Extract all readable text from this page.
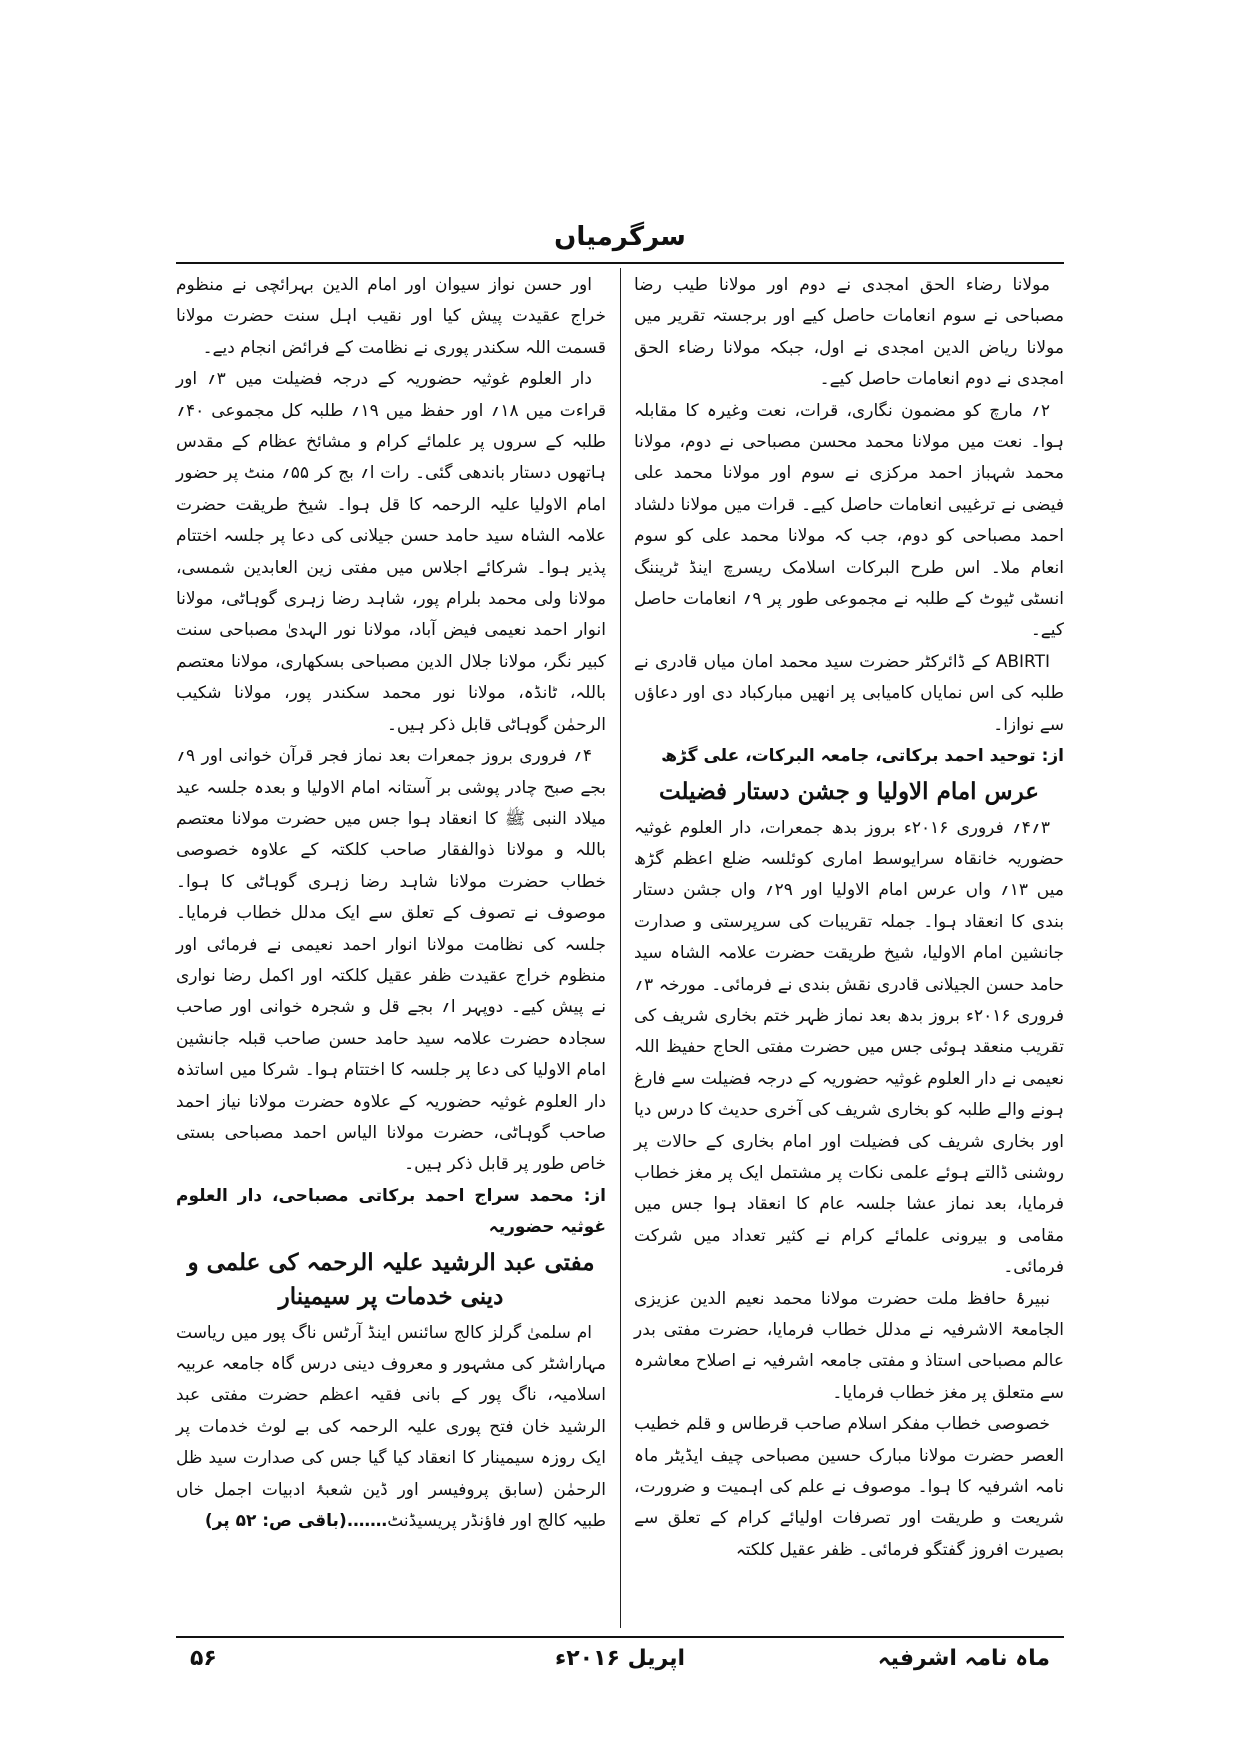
سرگرمیاں

مولانا رضاء الحق امجدی نے دوم اور مولانا طیب رضا مصباحی نے سوم انعامات حاصل کیے اور برجستہ تقریر میں مولانا ریاض الدین امجدی نے اول، جبکہ مولانا رضاء الحق امجدی نے دوم انعامات حاصل کیے۔

۲؍ مارچ کو مضمون نگاری، قرات، نعت وغیرہ کا مقابلہ ہوا۔ نعت میں مولانا محمد محسن مصباحی نے دوم، مولانا محمد شہباز احمد مرکزی نے سوم اور مولانا محمد علی فیضی نے ترغیبی انعامات حاصل کیے۔ قرات میں مولانا دلشاد احمد مصباحی کو دوم، جب کہ مولانا محمد علی کو سوم انعام ملا۔ اس طرح البرکات اسلامک ریسرچ اینڈ ٹریننگ انسٹی ٹیوٹ کے طلبہ نے مجموعی طور پر ۹؍ انعامات حاصل کیے۔

ABIRTI کے ڈائرکٹر حضرت سید محمد امان میاں قادری نے طلبہ کی اس نمایاں کامیابی پر انھیں مبارکباد دی اور دعاؤں سے نوازا۔

از: توحید احمد برکاتی، جامعہ البرکات، علی گڑھ

عرس امام الاولیا و جشن دستار فضیلت

۳؍۴؍ فروری ۲۰۱۶ء بروز بدھ جمعرات، دار العلوم غوثیہ حضوریہ خانقاہ سرایوسط اماری کوئلسہ ضلع اعظم گڑھ میں ۱۳؍ واں عرس امام الاولیا اور ۲۹؍ واں جشن دستار بندی کا انعقاد ہوا۔ جملہ تقریبات کی سرپرستی و صدارت جانشین امام الاولیا، شیخ طریقت حضرت علامہ الشاہ سید حامد حسن الجیلانی قادری نقش بندی نے فرمائی۔ مورخہ ۳؍ فروری ۲۰۱۶ء بروز بدھ بعد نماز ظہر ختم بخاری شریف کی تقریب منعقد ہوئی جس میں حضرت مفتی الحاج حفیظ اللہ نعیمی نے دار العلوم غوثیہ حضوریہ کے درجہ فضیلت سے فارغ ہونے والے طلبہ کو بخاری شریف کی آخری حدیث کا درس دیا اور بخاری شریف کی فضیلت اور امام بخاری کے حالات پر روشنی ڈالتے ہوئے علمی نکات پر مشتمل ایک پر مغز خطاب فرمایا، بعد نماز عشا جلسہ عام کا انعقاد ہوا جس میں مقامی و بیرونی علمائے کرام نے کثیر تعداد میں شرکت فرمائی۔

نبیرۂ حافظ ملت حضرت مولانا محمد نعیم الدین عزیزی الجامعۃ الاشرفیہ نے مدلل خطاب فرمایا، حضرت مفتی بدر عالم مصباحی استاذ و مفتی جامعہ اشرفیہ نے اصلاح معاشرہ سے متعلق پر مغز خطاب فرمایا۔

خصوصی خطاب مفکر اسلام صاحب قرطاس و قلم خطیب العصر حضرت مولانا مبارک حسین مصباحی چیف ایڈیٹر ماہ نامہ اشرفیہ کا ہوا۔ موصوف نے علم کی اہمیت و ضرورت، شریعت و طریقت اور تصرفات اولیائے کرام کے تعلق سے بصیرت افروز گفتگو فرمائی۔ ظفر عقیل کلکتہ

اور حسن نواز سیوان اور امام الدین بہرائچی نے منظوم خراج عقیدت پیش کیا اور نقیب اہل سنت حضرت مولانا قسمت اللہ سکندر پوری نے نظامت کے فرائض انجام دیے۔

دار العلوم غوثیہ حضوریہ کے درجہ فضیلت میں ۳؍ اور قراءت میں ۱۸؍ اور حفظ میں ۱۹؍ طلبہ کل مجموعی ۴۰؍ طلبہ کے سروں پر علمائے کرام و مشائخ عظام کے مقدس ہاتھوں دستار باندھی گئی۔ رات ا؍ بج کر ۵۵؍ منٹ پر حضور امام الاولیا علیہ الرحمہ کا قل ہوا۔ شیخ طریقت حضرت علامہ الشاہ سید حامد حسن جیلانی کی دعا پر جلسہ اختتام پذیر ہوا۔ شرکائے اجلاس میں مفتی زین العابدین شمسی، مولانا ولی محمد بلرام پور، شاہد رضا زہری گوہاٹی، مولانا انوار احمد نعیمی فیض آباد، مولانا نور الہدیٰ مصباحی سنت کبیر نگر، مولانا جلال الدین مصباحی بسکھاری، مولانا معتصم باللہ، ٹانڈہ، مولانا نور محمد سکندر پور، مولانا شکیب الرحمٰن گوہاٹی قابل ذکر ہیں۔

۴؍ فروری بروز جمعرات بعد نماز فجر قرآن خوانی اور ۹؍ بجے صبح چادر پوشی بر آستانہ امام الاولیا و بعدہ جلسہ عید میلاد النبی ﷺ کا انعقاد ہوا جس میں حضرت مولانا معتصم باللہ و مولانا ذوالفقار صاحب کلکتہ کے علاوہ خصوصی خطاب حضرت مولانا شاہد رضا زہری گوہاٹی کا ہوا۔ موصوف نے تصوف کے تعلق سے ایک مدلل خطاب فرمایا۔ جلسہ کی نظامت مولانا انوار احمد نعیمی نے فرمائی اور منظوم خراج عقیدت ظفر عقیل کلکتہ اور اکمل رضا نواری نے پیش کیے۔ دوپہر ا؍ بجے قل و شجرہ خوانی اور صاحب سجادہ حضرت علامہ سید حامد حسن صاحب قبلہ جانشین امام الاولیا کی دعا پر جلسہ کا اختتام ہوا۔ شرکا میں اساتذہ دار العلوم غوثیہ حضوریہ کے علاوہ حضرت مولانا نیاز احمد صاحب گوہاٹی، حضرت مولانا الیاس احمد مصباحی بستی خاص طور پر قابل ذکر ہیں۔

از: محمد سراج احمد برکاتی مصباحی، دار العلوم غوثیہ حضوریہ

مفتی عبد الرشید علیہ الرحمہ کی علمی و دینی خدمات پر سیمینار

ام سلمیٰ گرلز کالج سائنس اینڈ آرٹس ناگ پور میں ریاست مہاراشٹر کی مشہور و معروف دینی درس گاہ جامعہ عربیہ اسلامیہ، ناگ پور کے بانی فقیہ اعظم حضرت مفتی عبد الرشید خان فتح پوری علیہ الرحمہ کی بے لوث خدمات پر ایک روزہ سیمینار کا انعقاد کیا گیا جس کی صدارت سید ظل الرحمٰن (سابق پروفیسر اور ڈین شعبۂ ادبیات اجمل خاں طبیہ کالج اور فاؤنڈر پریسیڈنٹ…….(باقی ص: ۵۲ پر)

ماہ نامہ اشرفیہ
اپریل ۲۰۱۶ء
۵۶
